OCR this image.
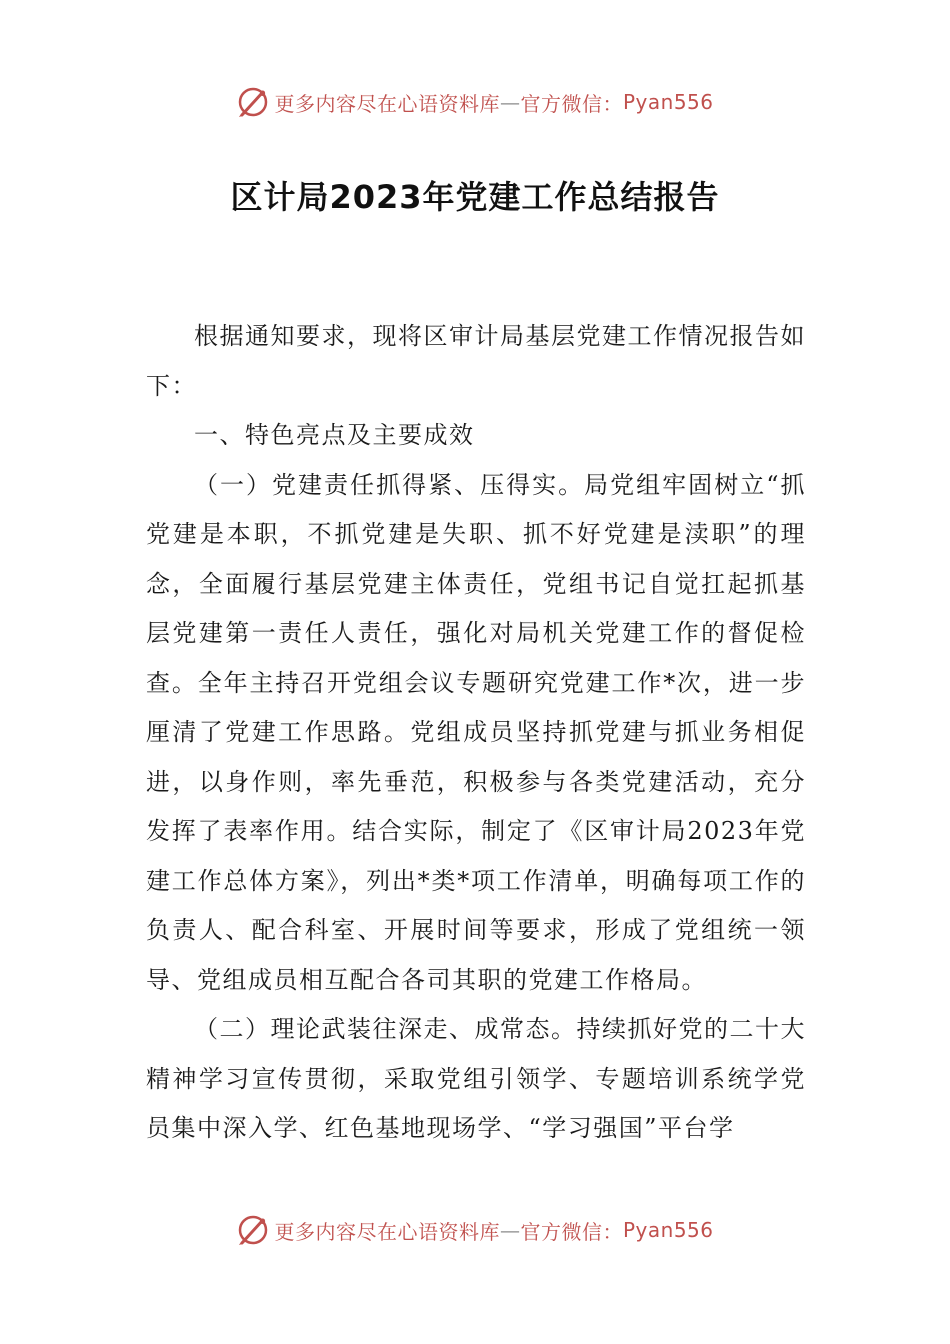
更多内容尽在心语资料库 — 官方微信： Pyan556
区计局2023年党建工作总结报告

根据通知要求，现将区审计局基层党建工作情况报告如下：

一、特色亮点及主要成效

（一）党建责任抓得紧、压得实。局党组牢固树立“抓党建是本职，不抓党建是失职、抓不好党建是渎职”的理念，全面履行基层党建主体责任，党组书记自觉扛起抓基层党建第一责任人责任，强化对局机关党建工作的督促检查。全年主持召开党组会议专题研究党建工作*次，进一步厘清了党建工作思路。党组成员坚持抓党建与抓业务相促进，以身作则，率先垂范，积极参与各类党建活动，充分发挥了表率作用。结合实际，制定了《区审计局2023年党建工作总体方案》，列出*类*项工作清单，明确每项工作的负责人、配合科室、开展时间等要求，形成了党组统一领导、党组成员相互配合各司其职的党建工作格局。

（二）理论武装往深走、成常态。持续抓好党的二十大精神学习宣传贯彻，采取党组引领学、专题培训系统学党员集中深入学、红色基地现场学、“学习强国”平台学

更多内容尽在心语资料库 — 官方微信： Pyan556
